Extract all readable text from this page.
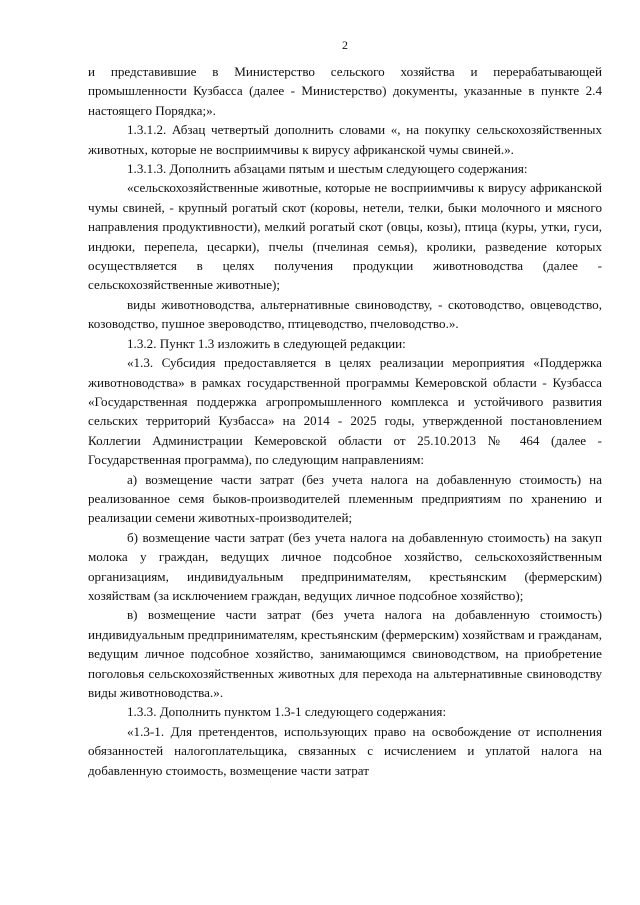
2

и представившие в Министерство сельского хозяйства и перерабатывающей промышленности Кузбасса (далее - Министерство) документы, указанные в пункте 2.4 настоящего Порядка;».

1.3.1.2. Абзац четвертый дополнить словами «, на покупку сельскохозяйственных животных, которые не восприимчивы к вирусу африканской чумы свиней.».

1.3.1.3. Дополнить абзацами пятым и шестым следующего содержания:

«сельскохозяйственные животные, которые не восприимчивы к вирусу африканской чумы свиней, - крупный рогатый скот (коровы, нетели, телки, быки молочного и мясного направления продуктивности), мелкий рогатый скот (овцы, козы), птица (куры, утки, гуси, индюки, перепела, цесарки), пчелы (пчелиная семья), кролики, разведение которых осуществляется в целях получения продукции животноводства (далее - сельскохозяйственные животные);

виды животноводства, альтернативные свиноводству, - скотоводство, овцеводство, козоводство, пушное звероводство, птицеводство, пчеловодство.».

1.3.2. Пункт 1.3 изложить в следующей редакции:

«1.3. Субсидия предоставляется в целях реализации мероприятия «Поддержка животноводства» в рамках государственной программы Кемеровской области - Кузбасса «Государственная поддержка агропромышленного комплекса и устойчивого развития сельских территорий Кузбасса» на 2014 - 2025 годы, утвержденной постановлением Коллегии Администрации Кемеровской области от 25.10.2013 № 464 (далее - Государственная программа), по следующим направлениям:

а) возмещение части затрат (без учета налога на добавленную стоимость) на реализованное семя быков-производителей племенным предприятиям по хранению и реализации семени животных-производителей;

б) возмещение части затрат (без учета налога на добавленную стоимость) на закуп молока у граждан, ведущих личное подсобное хозяйство, сельскохозяйственным организациям, индивидуальным предпринимателям, крестьянским (фермерским) хозяйствам (за исключением граждан, ведущих личное подсобное хозяйство);

в) возмещение части затрат (без учета налога на добавленную стоимость) индивидуальным предпринимателям, крестьянским (фермерским) хозяйствам и гражданам, ведущим личное подсобное хозяйство, занимающимся свиноводством, на приобретение поголовья сельскохозяйственных животных для перехода на альтернативные свиноводству виды животноводства.».

1.3.3. Дополнить пунктом 1.3-1 следующего содержания:

«1.3-1. Для претендентов, использующих право на освобождение от исполнения обязанностей налогоплательщика, связанных с исчислением и уплатой налога на добавленную стоимость, возмещение части затрат
